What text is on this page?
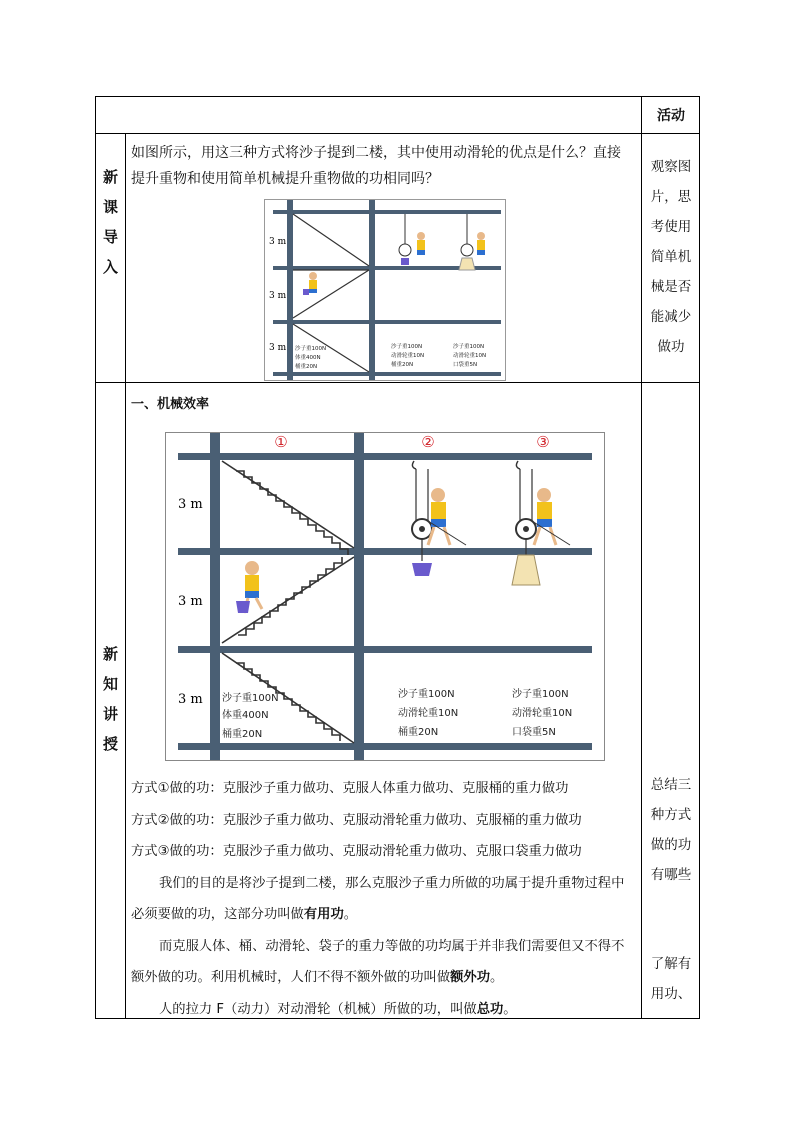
活动
新
课
导
入
如图所示，用这三种方式将沙子提到二楼，其中使用动滑轮的优点是什么？直接提升重物和使用简单机械提升重物做的功相同吗？
3 m
3 m
3 m 沙子重100N
体重400N
桶重20N
沙子重100N
动滑轮重10N
桶重20N
沙子重100N
动滑轮重10N
口袋重5N
观察图
片，思
考使用
简单机
械是否
能减少
做功
新
知
讲
授
一、机械效率
3 m
3 m
3 m
①	②	③
沙子重100N
体重400N
桶重20N
沙子重100N
动滑轮重10N
桶重20N
沙子重100N
动滑轮重10N
口袋重5N

方式①做的功：克服沙子重力做功、克服人体重力做功、克服桶的重力做功

方式②做的功：克服沙子重力做功、克服动滑轮重力做功、克服桶的重力做功

方式③做的功：克服沙子重力做功、克服动滑轮重力做功、克服口袋重力做功

我们的目的是将沙子提到二楼，那么克服沙子重力所做的功属于提升重物过程中必须要做的功，这部分功叫做有用功。

而克服人体、桶、动滑轮、袋子的重力等做的功均属于并非我们需要但又不得不额外做的功。利用机械时，人们不得不额外做的功叫做额外功。

人的拉力 F（动力）对动滑轮（机械）所做的功，叫做总功。

总结三
种方式
做的功
有哪些
了解有
用功、
